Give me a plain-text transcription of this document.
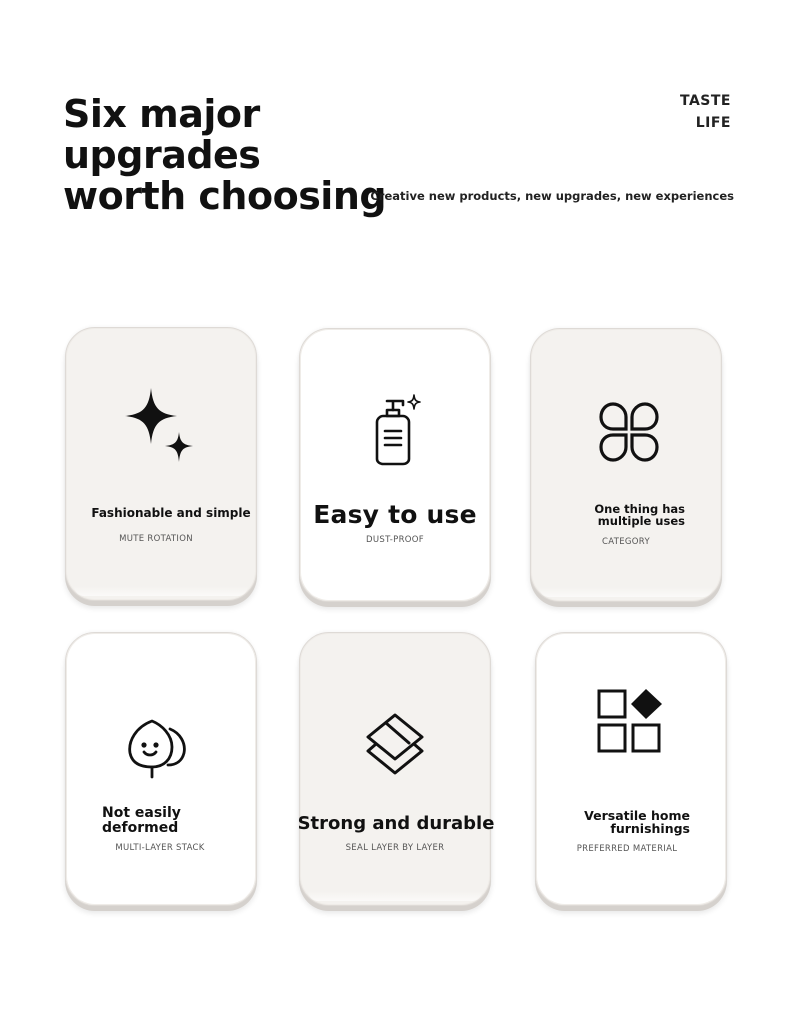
Six major
upgrades
worth choosing
TASTE
LIFE
Creative new products, new upgrades, new experiences
Fashionable and simple
MUTE ROTATION
Easy to use
DUST-PROOF
One thing has multiple uses
CATEGORY
Not easily deformed
MULTI-LAYER STACK
Strong and durable
SEAL LAYER BY LAYER
Versatile home furnishings
PREFERRED MATERIAL
